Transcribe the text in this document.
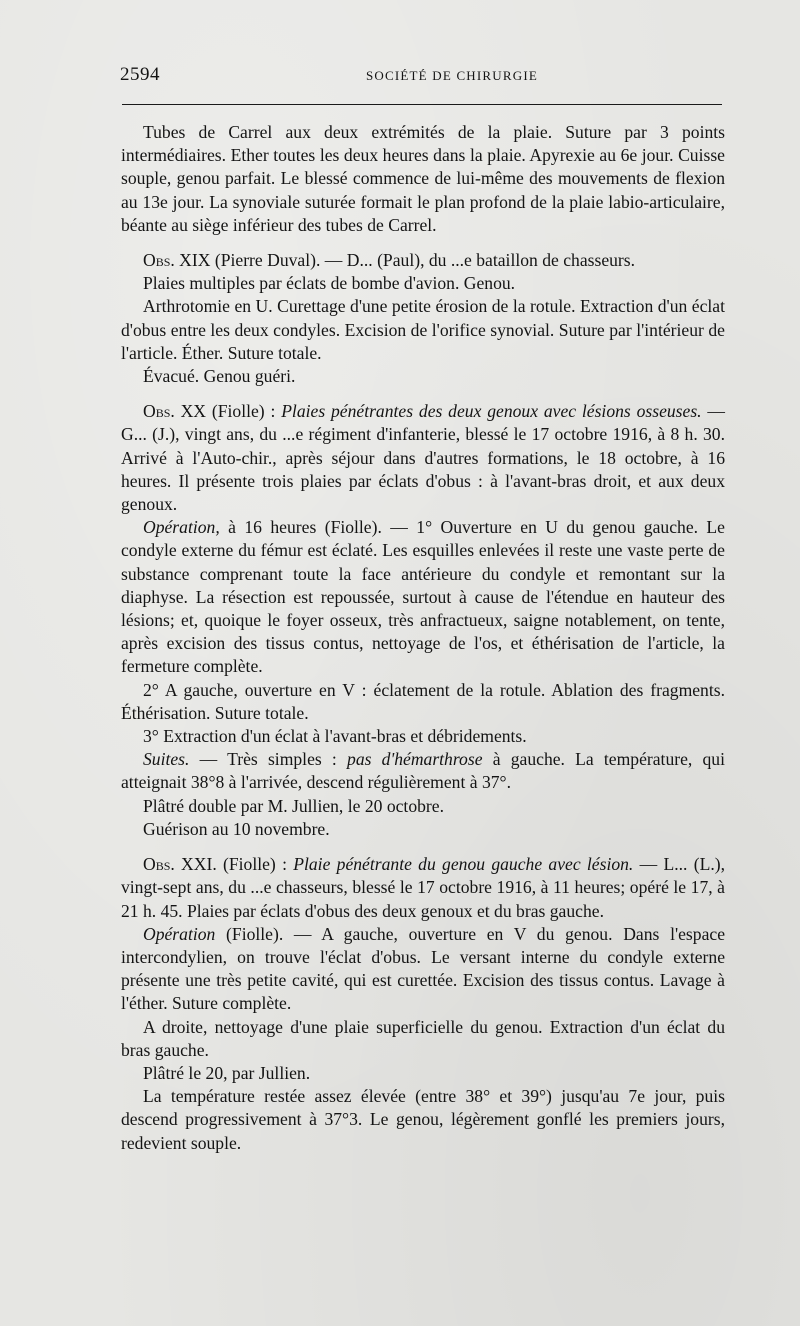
2594	SOCIÉTÉ DE CHIRURGIE

Tubes de Carrel aux deux extrémités de la plaie. Suture par 3 points intermédiaires. Ether toutes les deux heures dans la plaie. Apyrexie au 6e jour. Cuisse souple, genou parfait. Le blessé commence de lui-même des mouvements de flexion au 13e jour. La synoviale suturée formait le plan profond de la plaie labio-articulaire, béante au siège inférieur des tubes de Carrel.

Obs. XIX (Pierre Duval). — D... (Paul), du ...e bataillon de chasseurs.

Plaies multiples par éclats de bombe d'avion. Genou.

Arthrotomie en U. Curettage d'une petite érosion de la rotule. Extraction d'un éclat d'obus entre les deux condyles. Excision de l'orifice synovial. Suture par l'intérieur de l'article. Éther. Suture totale.

Évacué. Genou guéri.

Obs. XX (Fiolle) : Plaies pénétrantes des deux genoux avec lésions osseuses. — G... (J.), vingt ans, du ...e régiment d'infanterie, blessé le 17 octobre 1916, à 8 h. 30. Arrivé à l'Auto-chir., après séjour dans d'autres formations, le 18 octobre, à 16 heures. Il présente trois plaies par éclats d'obus : à l'avant-bras droit, et aux deux genoux.

Opération, à 16 heures (Fiolle). — 1° Ouverture en U du genou gauche. Le condyle externe du fémur est éclaté. Les esquilles enlevées il reste une vaste perte de substance comprenant toute la face antérieure du condyle et remontant sur la diaphyse. La résection est repoussée, surtout à cause de l'étendue en hauteur des lésions; et, quoique le foyer osseux, très anfractueux, saigne notablement, on tente, après excision des tissus contus, nettoyage de l'os, et éthérisation de l'article, la fermeture complète.

2° A gauche, ouverture en V : éclatement de la rotule. Ablation des fragments. Éthérisation. Suture totale.

3° Extraction d'un éclat à l'avant-bras et débridements.

Suites. — Très simples : pas d'hémarthrose à gauche. La température, qui atteignait 38°8 à l'arrivée, descend régulièrement à 37°.

Plâtré double par M. Jullien, le 20 octobre.

Guérison au 10 novembre.

Obs. XXI. (Fiolle) : Plaie pénétrante du genou gauche avec lésion. — L... (L.), vingt-sept ans, du ...e chasseurs, blessé le 17 octobre 1916, à 11 heures; opéré le 17, à 21 h. 45. Plaies par éclats d'obus des deux genoux et du bras gauche.

Opération (Fiolle). — A gauche, ouverture en V du genou. Dans l'espace intercondylien, on trouve l'éclat d'obus. Le versant interne du condyle externe présente une très petite cavité, qui est curettée. Excision des tissus contus. Lavage à l'éther. Suture complète.

A droite, nettoyage d'une plaie superficielle du genou. Extraction d'un éclat du bras gauche.

Plâtré le 20, par Jullien.

La température restée assez élevée (entre 38° et 39°) jusqu'au 7e jour, puis descend progressivement à 37°3. Le genou, légèrement gonflé les premiers jours, redevient souple.
